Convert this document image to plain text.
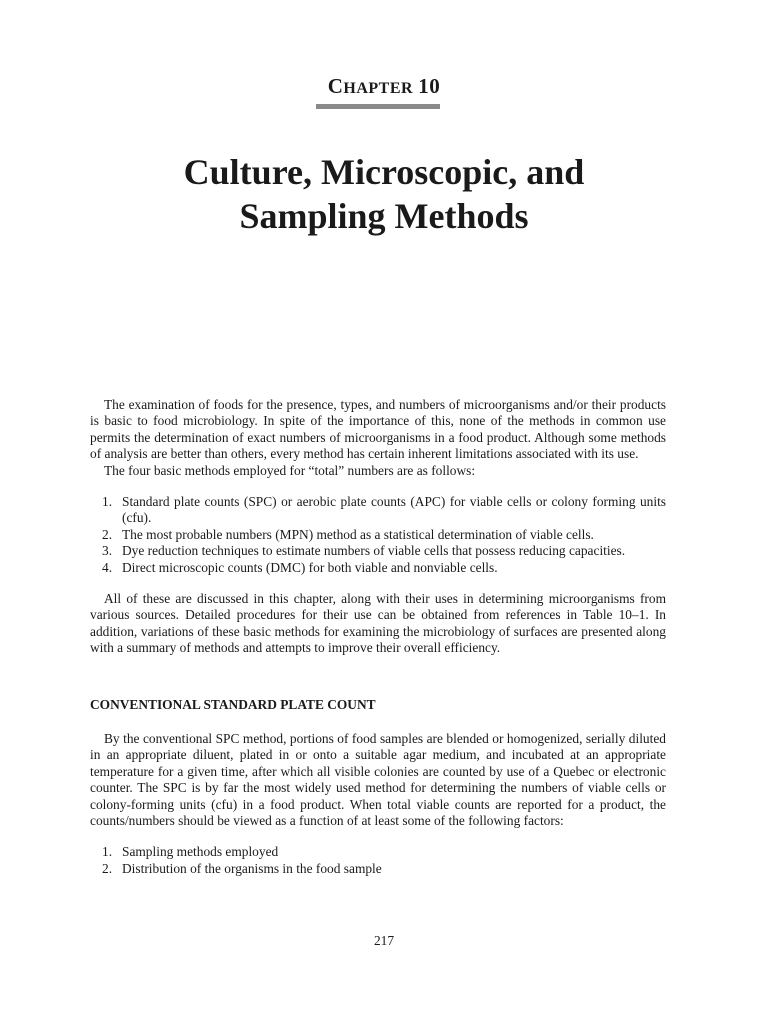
CHAPTER 10
Culture, Microscopic, and
Sampling Methods

The examination of foods for the presence, types, and numbers of microorganisms and/or their products is basic to food microbiology. In spite of the importance of this, none of the methods in common use permits the determination of exact numbers of microorganisms in a food product. Although some methods of analysis are better than others, every method has certain inherent limitations associated with its use.

The four basic methods employed for “total” numbers are as follows:

1. Standard plate counts (SPC) or aerobic plate counts (APC) for viable cells or colony forming units (cfu).
2. The most probable numbers (MPN) method as a statistical determination of viable cells.
3. Dye reduction techniques to estimate numbers of viable cells that possess reducing capacities.
4. Direct microscopic counts (DMC) for both viable and nonviable cells.

All of these are discussed in this chapter, along with their uses in determining microorganisms from various sources. Detailed procedures for their use can be obtained from references in Table 10–1. In addition, variations of these basic methods for examining the microbiology of surfaces are presented along with a summary of methods and attempts to improve their overall efficiency.

CONVENTIONAL STANDARD PLATE COUNT

By the conventional SPC method, portions of food samples are blended or homogenized, serially diluted in an appropriate diluent, plated in or onto a suitable agar medium, and incubated at an appropriate temperature for a given time, after which all visible colonies are counted by use of a Quebec or electronic counter. The SPC is by far the most widely used method for determining the numbers of viable cells or colony-forming units (cfu) in a food product. When total viable counts are reported for a product, the counts/numbers should be viewed as a function of at least some of the following factors:

1. Sampling methods employed
2. Distribution of the organisms in the food sample
217
